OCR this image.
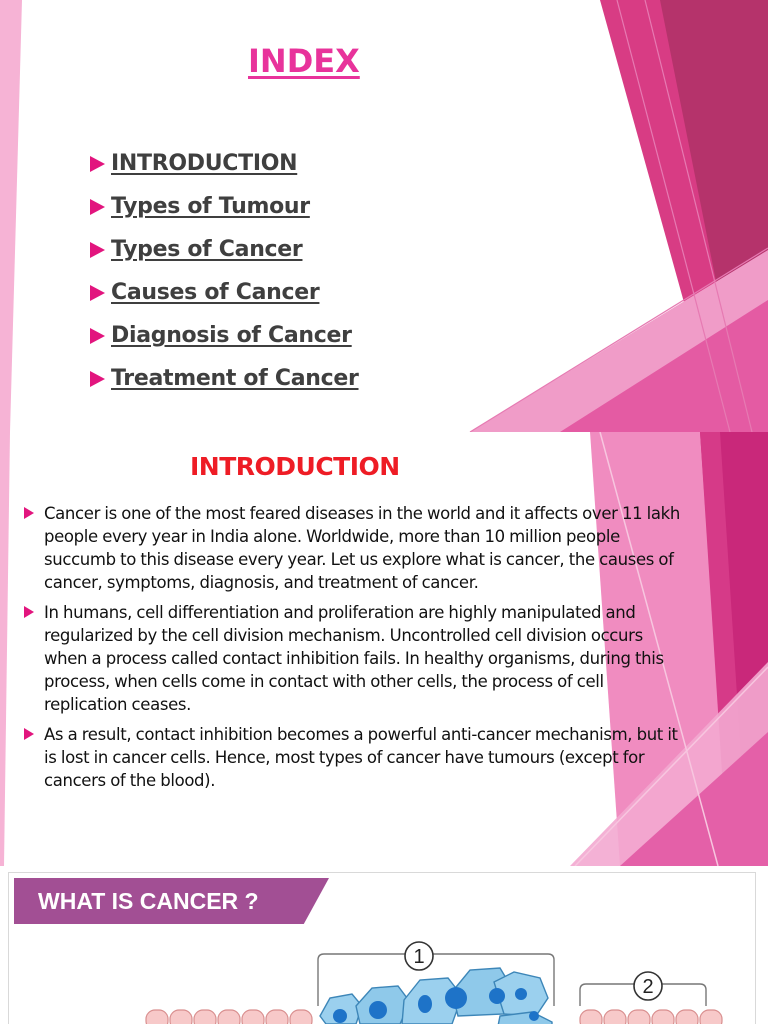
INDEX
INTRODUCTION
Types of Tumour
Types of Cancer
Causes of Cancer
Diagnosis of Cancer
Treatment of Cancer
INTRODUCTION
Cancer is one of the most feared diseases in the world and it affects over 11 lakh people every year in India alone. Worldwide, more than 10 million people succumb to this disease every year. Let us explore what is cancer, the causes of cancer, symptoms, diagnosis, and treatment of cancer.
In humans, cell differentiation and proliferation are highly manipulated and regularized by the cell division mechanism. Uncontrolled cell division occurs when a process called contact inhibition fails. In healthy organisms, during this process, when cells come in contact with other cells, the process of cell replication ceases.
As a result, contact inhibition becomes a powerful anti-cancer mechanism, but it is lost in cancer cells. Hence, most types of cancer have tumours (except for cancers of the blood).
WHAT IS CANCER ?
1
2
